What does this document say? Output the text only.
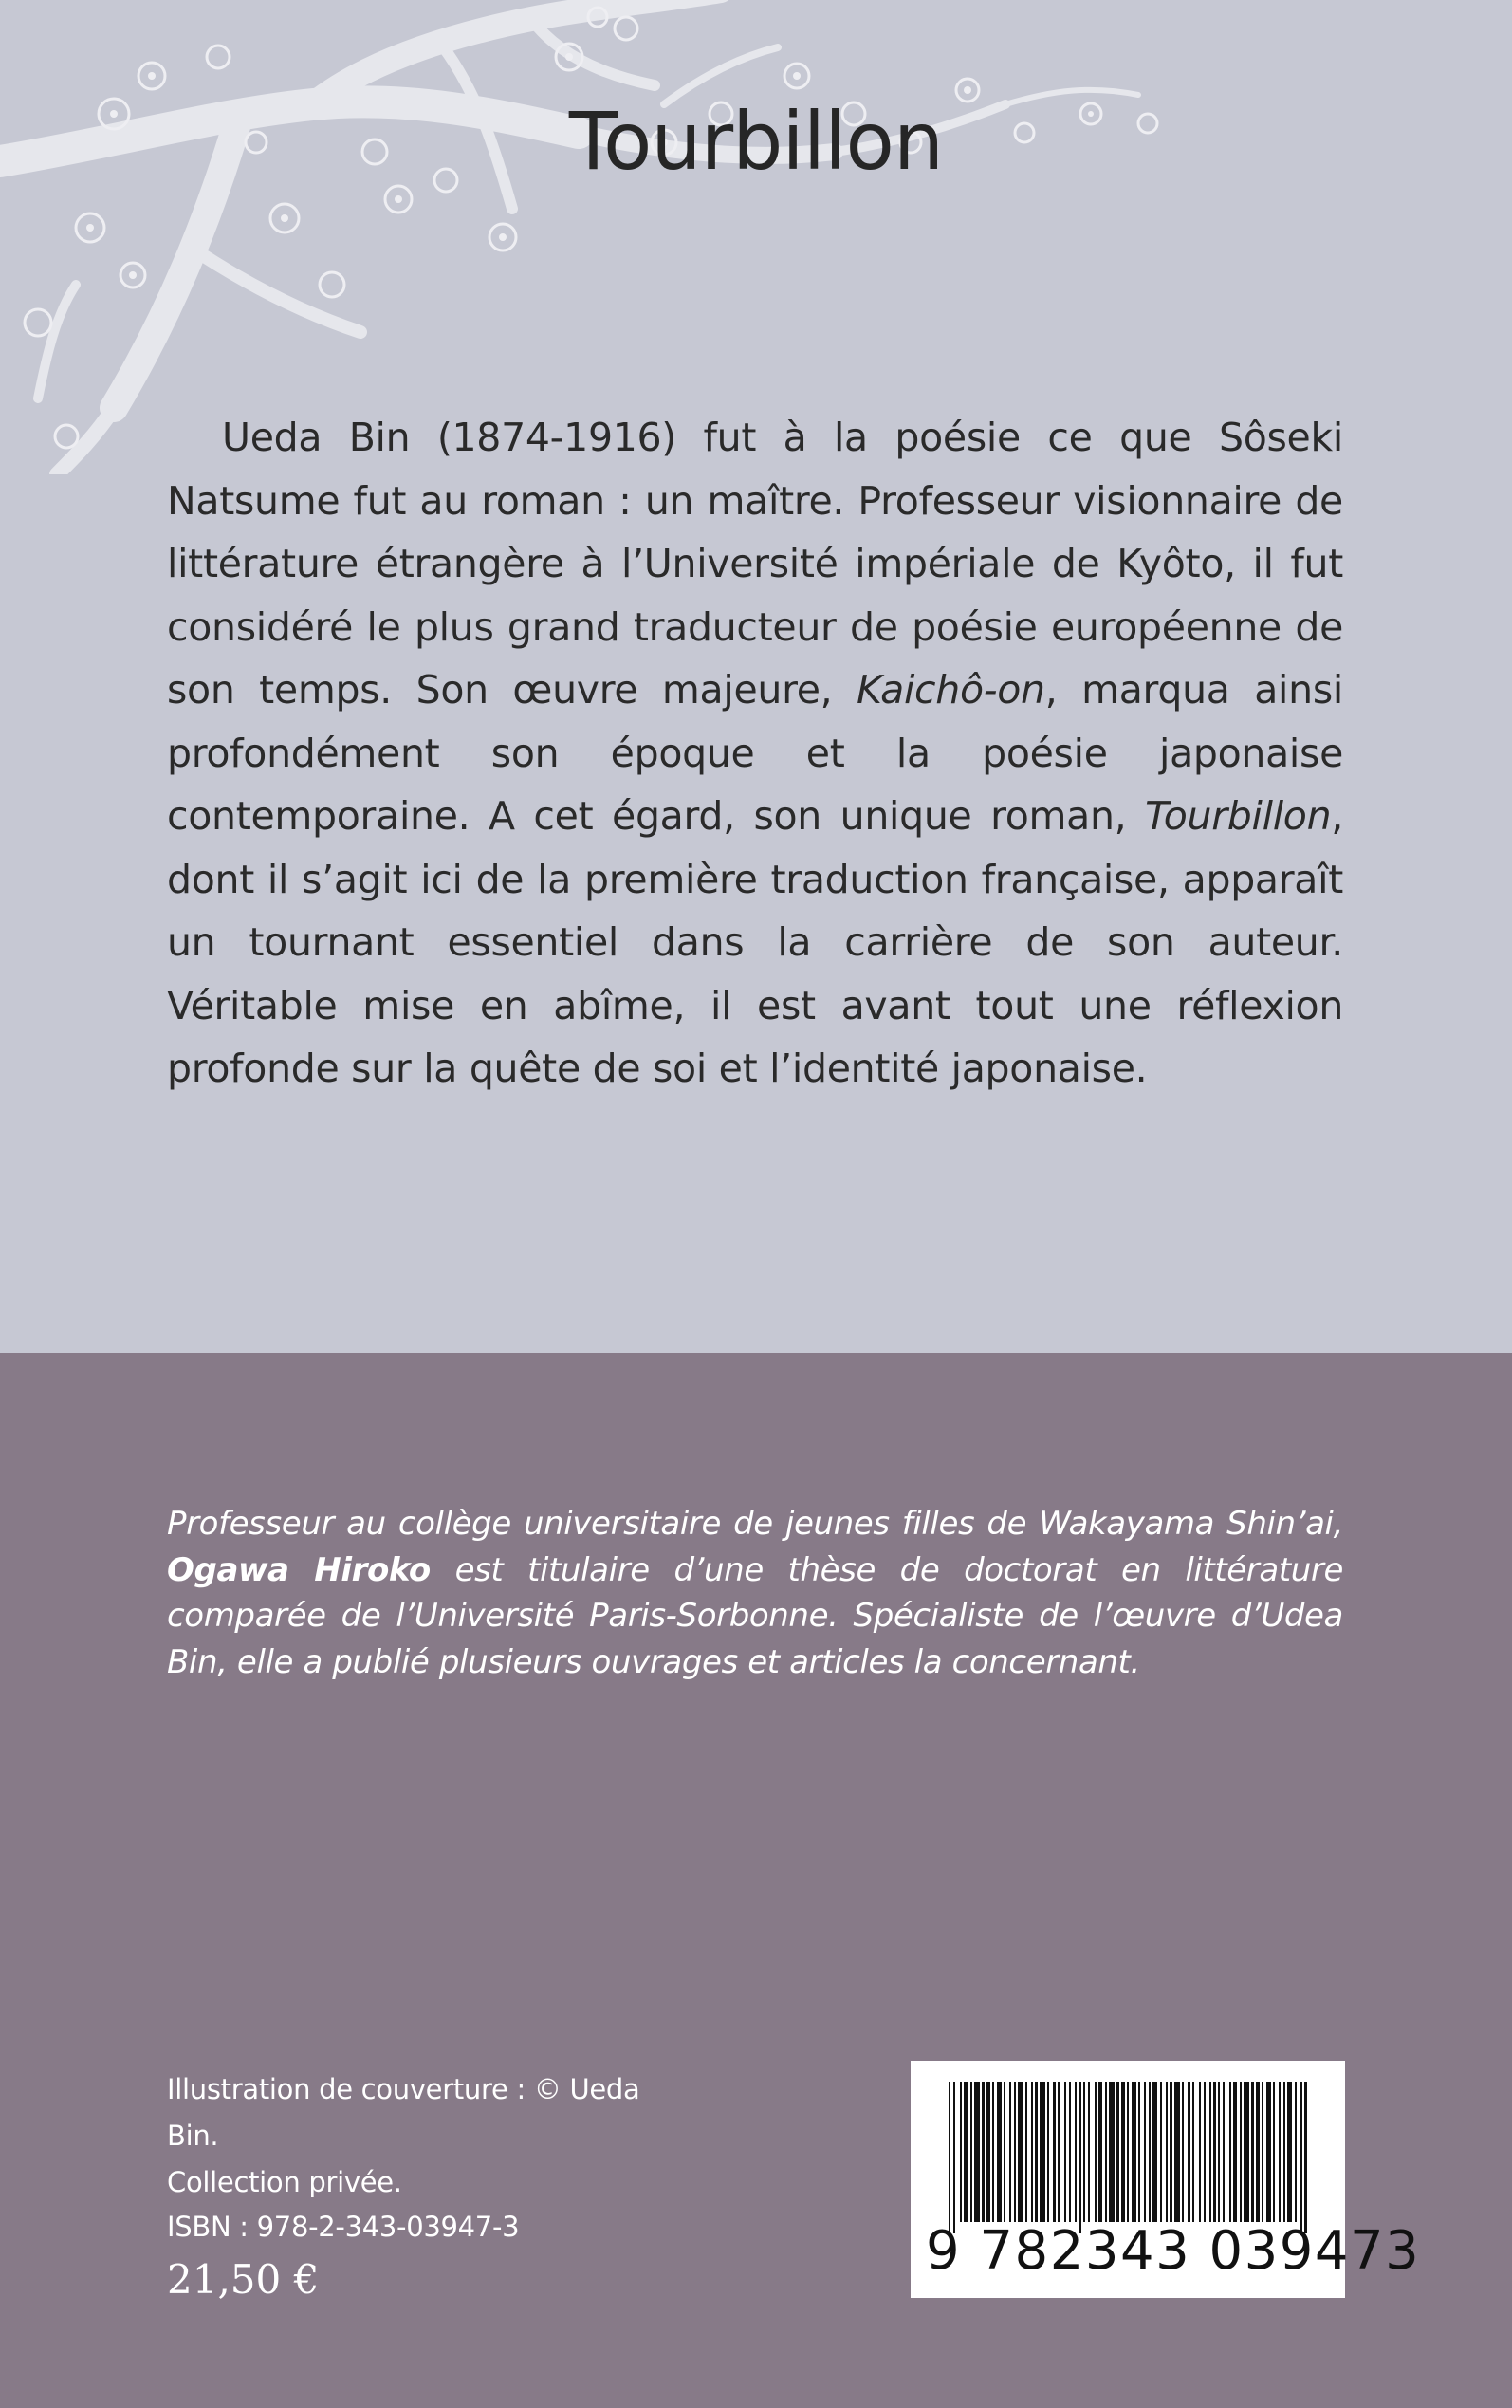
Tourbillon

Ueda Bin (1874-1916) fut à la poésie ce que Sôseki Natsume fut au roman : un maître. Professeur visionnaire de littérature étrangère à l’Université impériale de Kyôto, il fut considéré le plus grand traducteur de poésie européenne de son temps. Son œuvre majeure, Kaichô-on, marqua ainsi profondément son époque et la poésie japonaise contemporaine. A cet égard, son unique roman, Tourbillon, dont il s’agit ici de la première traduction française, apparaît un tournant essentiel dans la carrière de son auteur. Véritable mise en abîme, il est avant tout une réflexion profonde sur la quête de soi et l’identité japonaise.

Professeur au collège universitaire de jeunes filles de Wakayama Shin’ai, Ogawa Hiroko est titulaire d’une thèse de doctorat en littérature comparée de l’Université Paris-Sorbonne. Spécialiste de l’œuvre d’Udea Bin, elle a publié plusieurs ouvrages et articles la concernant.

Illustration de couverture : © Ueda Bin.
Collection privée.
ISBN : 978-2-343-03947-3
21,50 €	9 782343 039473
